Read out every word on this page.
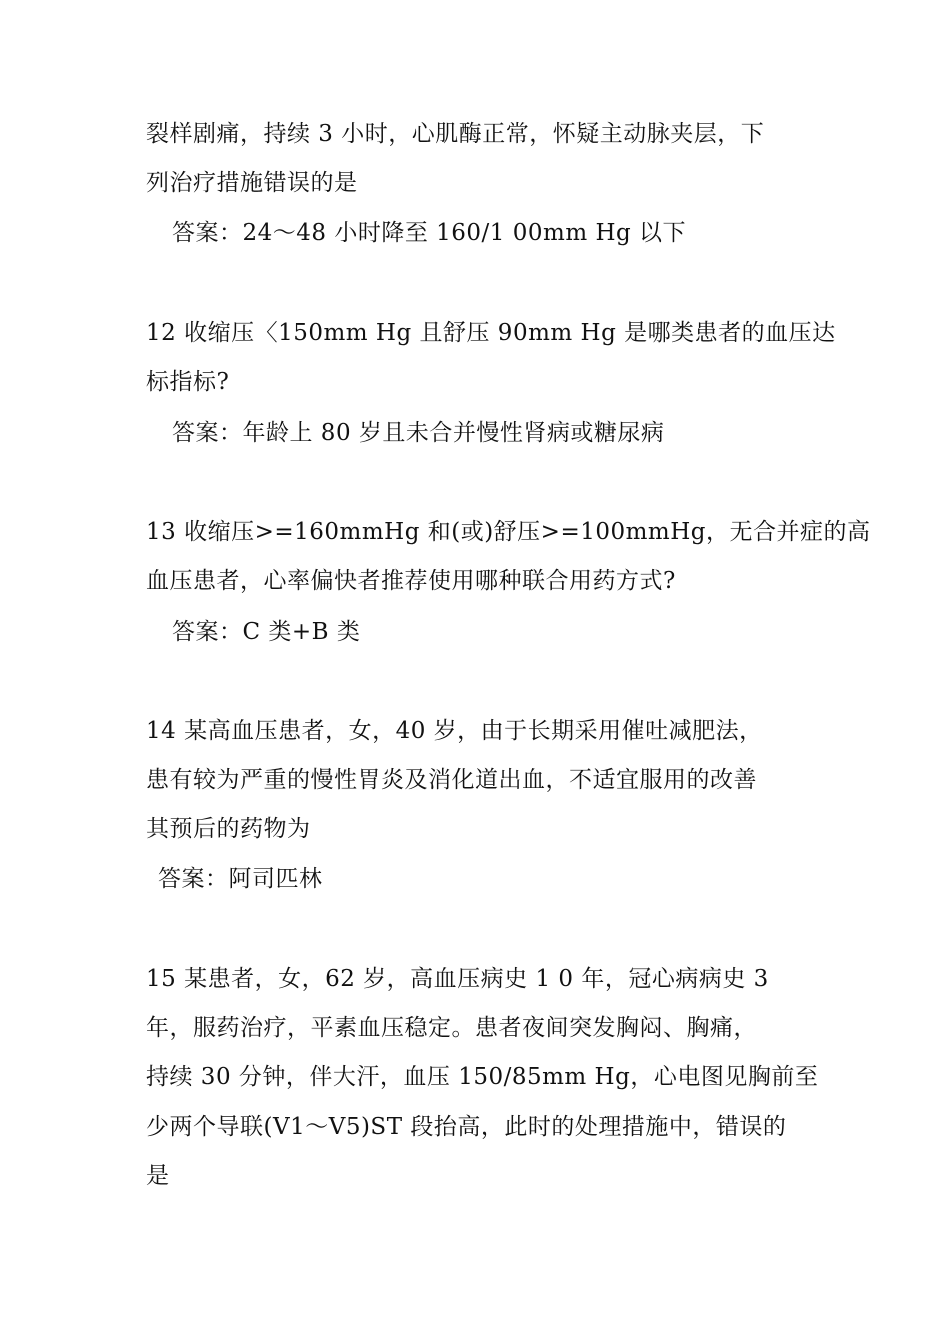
裂样剧痛，持续 3 小时，心肌酶正常，怀疑主动脉夹层，下
列治疗措施错误的是
答案：24～48 小时降至 160/1 00mm Hg 以下
12 收缩压〈150mm Hg 且舒压 90mm Hg 是哪类患者的血压达
标指标?
答案：年龄上 80 岁且未合并慢性肾病或糖尿病
13 收缩压>=160mmHg 和(或)舒压>=100mmHg，无合并症的高
血压患者，心率偏快者推荐使用哪种联合用药方式?
答案：C 类+B 类
14 某高血压患者，女，40 岁，由于长期采用催吐减肥法，
患有较为严重的慢性胃炎及消化道出血，不适宜服用的改善
其预后的药物为
答案：阿司匹林
15 某患者，女，62 岁，高血压病史 1 0 年，冠心病病史 3
年，服药治疗，平素血压稳定。患者夜间突发胸闷、胸痛，
持续 30 分钟，伴大汗，血压 150/85mm Hg，心电图见胸前至
少两个导联(V1～V5)ST 段抬高，此时的处理措施中，错误的
是
